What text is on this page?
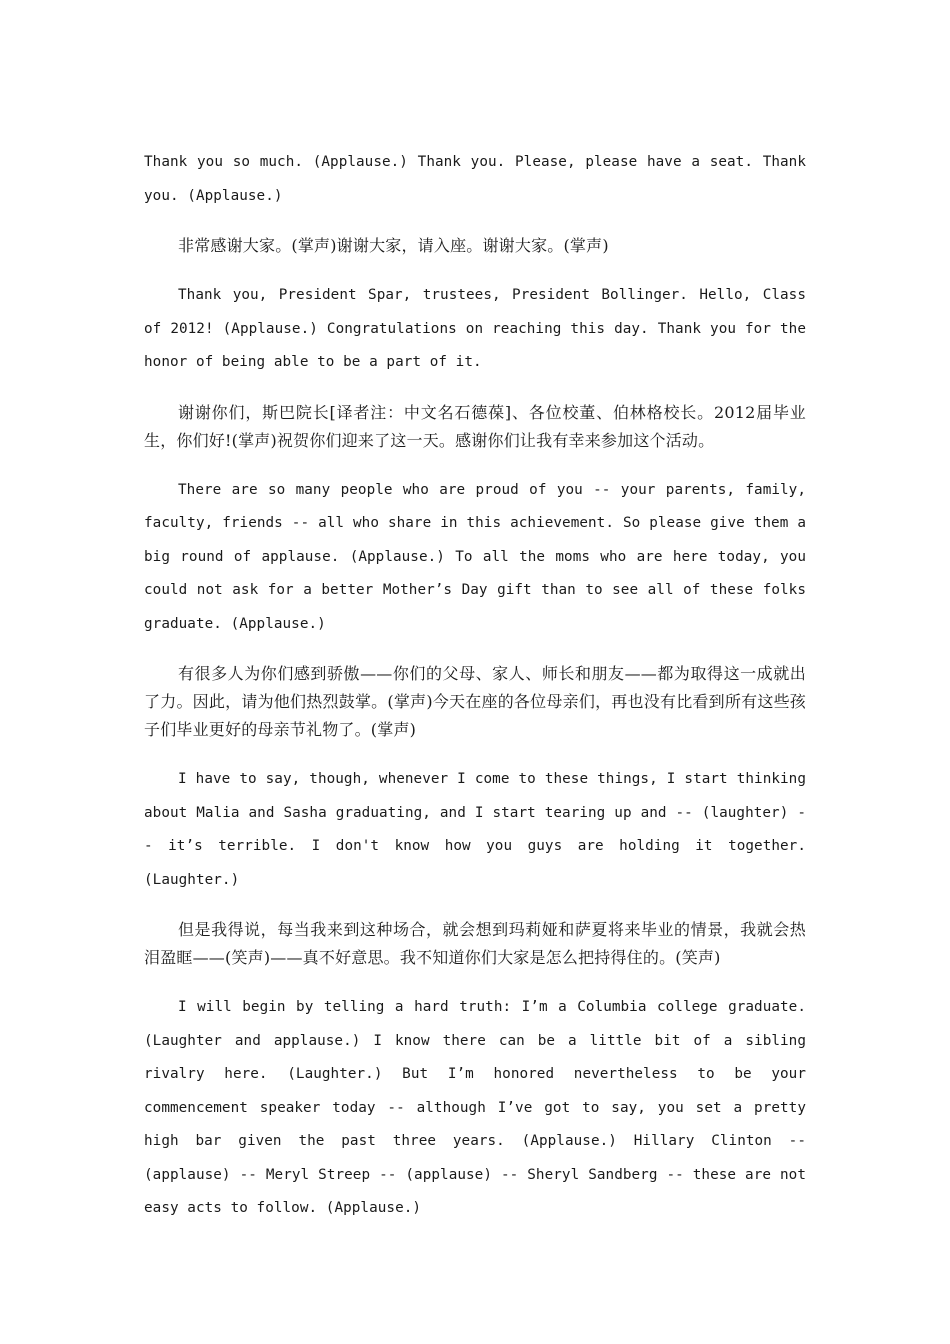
Thank you so much. (Applause.) Thank you. Please, please have a seat. Thank you. (Applause.)

非常感谢大家。(掌声)谢谢大家，请入座。谢谢大家。(掌声)

Thank you, President Spar, trustees, President Bollinger. Hello, Class of 2012! (Applause.) Congratulations on reaching this day. Thank you for the honor of being able to be a part of it.

谢谢你们，斯巴院长[译者注：中文名石德葆]、各位校董、伯林格校长。2012届毕业生，你们好!(掌声)祝贺你们迎来了这一天。感谢你们让我有幸来参加这个活动。

There are so many people who are proud of you -- your parents, family, faculty, friends -- all who share in this achievement. So please give them a big round of applause. (Applause.) To all the moms who are here today, you could not ask for a better Mother’s Day gift than to see all of these folks graduate. (Applause.)

有很多人为你们感到骄傲——你们的父母、家人、师长和朋友——都为取得这一成就出了力。因此，请为他们热烈鼓掌。(掌声)今天在座的各位母亲们，再也没有比看到所有这些孩子们毕业更好的母亲节礼物了。(掌声)

I have to say, though, whenever I come to these things, I start thinking about Malia and Sasha graduating, and I start tearing up and -- (laughter) -- it’s terrible. I don't know how you guys are holding it together. (Laughter.)

但是我得说，每当我来到这种场合，就会想到玛莉娅和萨夏将来毕业的情景，我就会热泪盈眶——(笑声)——真不好意思。我不知道你们大家是怎么把持得住的。(笑声)

I will begin by telling a hard truth: I’m a Columbia college graduate. (Laughter and applause.) I know there can be a little bit of a sibling rivalry here. (Laughter.) But I’m honored nevertheless to be your commencement speaker today -- although I’ve got to say, you set a pretty high bar given the past three years. (Applause.) Hillary Clinton -- (applause) -- Meryl Streep -- (applause) -- Sheryl Sandberg -- these are not easy acts to follow. (Applause.)
